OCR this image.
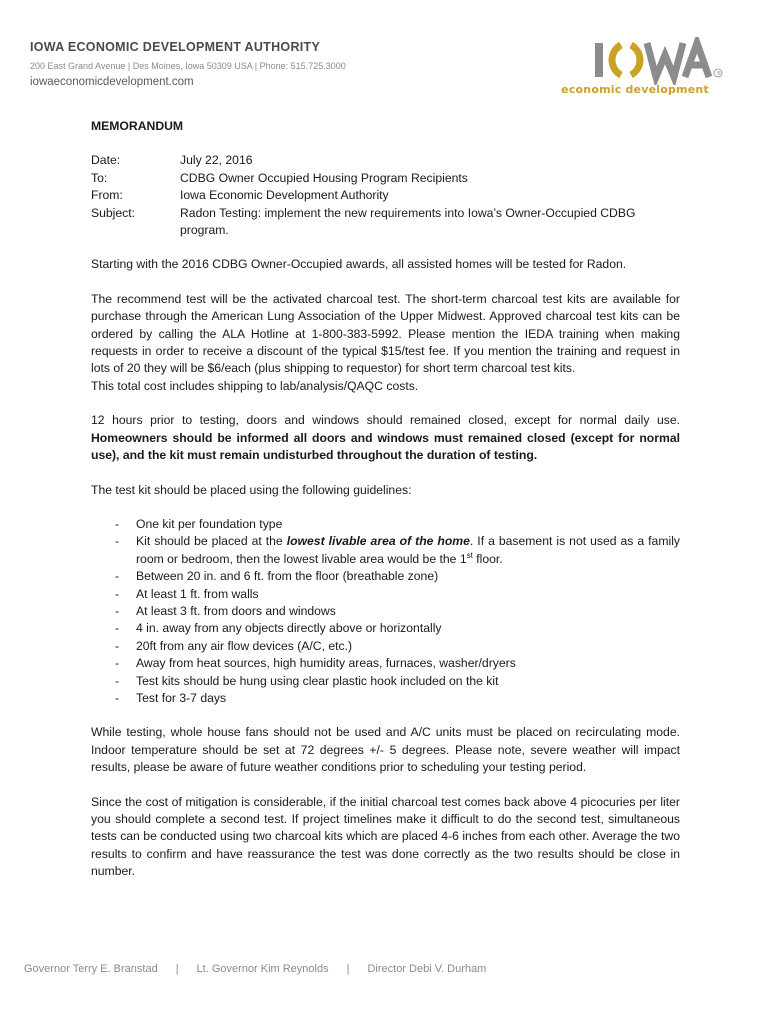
IOWA ECONOMIC DEVELOPMENT AUTHORITY
200 East Grand Avenue | Des Moines, Iowa 50309 USA | Phone: 515.725.3000
iowaeconomicdevelopment.com
®
economic development
MEMORANDUM
Date:	July 22, 2016
To:	CDBG Owner Occupied Housing Program Recipients
From:	Iowa Economic Development Authority
Subject:	Radon Testing: implement the new requirements into Iowa’s Owner-Occupied CDBG program.
Starting with the 2016 CDBG Owner-Occupied awards, all assisted homes will be tested for Radon.
The recommend test will be the activated charcoal test. The short-term charcoal test kits are available for purchase through the American Lung Association of the Upper Midwest. Approved charcoal test kits can be ordered by calling the ALA Hotline at 1-800-383-5992. Please mention the IEDA training when making requests in order to receive a discount of the typical $15/test fee. If you mention the training and request in lots of 20 they will be $6/each (plus shipping to requestor) for short term charcoal test kits.
This total cost includes shipping to lab/analysis/QAQC costs.
12 hours prior to testing, doors and windows should remained closed, except for normal daily use. Homeowners should be informed all doors and windows must remained closed (except for normal use), and the kit must remain undisturbed throughout the duration of testing.
The test kit should be placed using the following guidelines:
-	One kit per foundation type
-	Kit should be placed at the lowest livable area of the home. If a basement is not used as a family room or bedroom, then the lowest livable area would be the 1st floor.
-	Between 20 in. and 6 ft. from the floor (breathable zone)
-	At least 1 ft. from walls
-	At least 3 ft. from doors and windows
-	4 in. away from any objects directly above or horizontally
-	20ft from any air flow devices (A/C, etc.)
-	Away from heat sources, high humidity areas, furnaces, washer/dryers
-	Test kits should be hung using clear plastic hook included on the kit
-	Test for 3-7 days
While testing, whole house fans should not be used and A/C units must be placed on recirculating mode. Indoor temperature should be set at 72 degrees +/- 5 degrees. Please note, severe weather will impact results, please be aware of future weather conditions prior to scheduling your testing period.
Since the cost of mitigation is considerable, if the initial charcoal test comes back above 4 picocuries per liter you should complete a second test. If project timelines make it difficult to do the second test, simultaneous tests can be conducted using two charcoal kits which are placed 4-6 inches from each other. Average the two results to confirm and have reassurance the test was done correctly as the two results should be close in number.
Governor Terry E. Branstad | Lt. Governor Kim Reynolds | Director Debi V. Durham
